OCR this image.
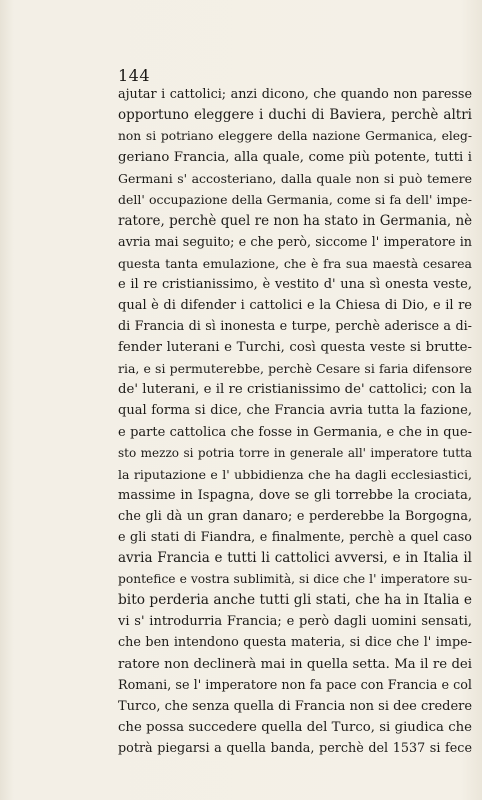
144
ajutar i cattolici; anzi dicono, che quando non paresse
opportuno eleggere i duchi di Baviera, perchè altri
non si potriano eleggere della nazione Germanica, eleg-
geriano Francia, alla quale, come più potente, tutti i
Germani s' accosteriano, dalla quale non si può temere
dell' occupazione della Germania, come si fa dell' impe-
ratore, perchè quel re non ha stato in Germania, nè
avria mai seguito; e che però, siccome l' imperatore in
questa tanta emulazione, che è fra sua maestà cesarea
e il re cristianissimo, è vestito d' una sì onesta veste,
qual è di difender i cattolici e la Chiesa di Dio, e il re
di Francia di sì inonesta e turpe, perchè aderisce a di-
fender luterani e Turchi, così questa veste si brutte-
ria, e si permuterebbe, perchè Cesare si faria difensore
de' luterani, e il re cristianissimo de' cattolici; con la
qual forma si dice, che Francia avria tutta la fazione,
e parte cattolica che fosse in Germania, e che in que-
sto mezzo si potria torre in generale all' imperatore tutta
la riputazione e l' ubbidienza che ha dagli ecclesiastici,
massime in Ispagna, dove se gli torrebbe la crociata,
che gli dà un gran danaro; e perderebbe la Borgogna,
e gli stati di Fiandra, e finalmente, perchè a quel caso
avria Francia e tutti li cattolici avversi, e in Italia il
pontefice e vostra sublimità, si dice che l' imperatore su-
bito perderia anche tutti gli stati, che ha in Italia e
vi s' introdurria Francia; e però dagli uomini sensati,
che ben intendono questa materia, si dice che l' impe-
ratore non declinerà mai in quella setta. Ma il re dei
Romani, se l' imperatore non fa pace con Francia e col
Turco, che senza quella di Francia non si dee credere
che possa succedere quella del Turco, si giudica che
potrà piegarsi a quella banda, perchè del 1537 si fece
